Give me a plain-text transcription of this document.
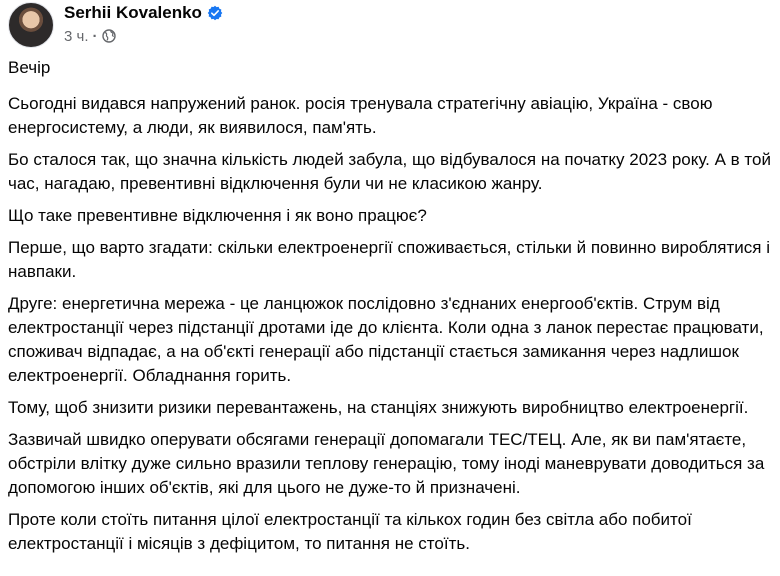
Serhii Kovalenko
3 ч. ·

Вечір

Сьогодні видався напружений ранок. росія тренувала стратегічну авіацію, Україна - свою енергосистему, а люди, як виявилося, пам'ять.

Бо сталося так, що значна кількість людей забула, що відбувалося на початку 2023 року. А в той час, нагадаю, превентивні відключення були чи не класикою жанру.

Що таке превентивне відключення і як воно працює?

Перше, що варто згадати: скільки електроенергії споживається, стільки й повинно вироблятися і навпаки.

Друге: енергетична мережа - це ланцюжок послідовно з'єднаних енергооб'єктів. Струм від електростанції через підстанції дротами іде до клієнта. Коли одна з ланок перестає працювати, споживач відпадає, а на об'єкті генерації або підстанції стається замикання через надлишок електроенергії. Обладнання горить.

Тому, щоб знизити ризики перевантажень, на станціях знижують виробництво електроенергії.

Зазвичай швидко оперувати обсягами генерації допомагали ТЕС/ТЕЦ. Але, як ви пам'ятаєте, обстріли влітку дуже сильно вразили теплову генерацію, тому іноді маневрувати доводиться за допомогою інших об'єктів, які для цього не дуже-то й призначені.

Проте коли стоїть питання цілої електростанції та кількох годин без світла або побитої електростанції і місяців з дефіцитом, то питання не стоїть.
